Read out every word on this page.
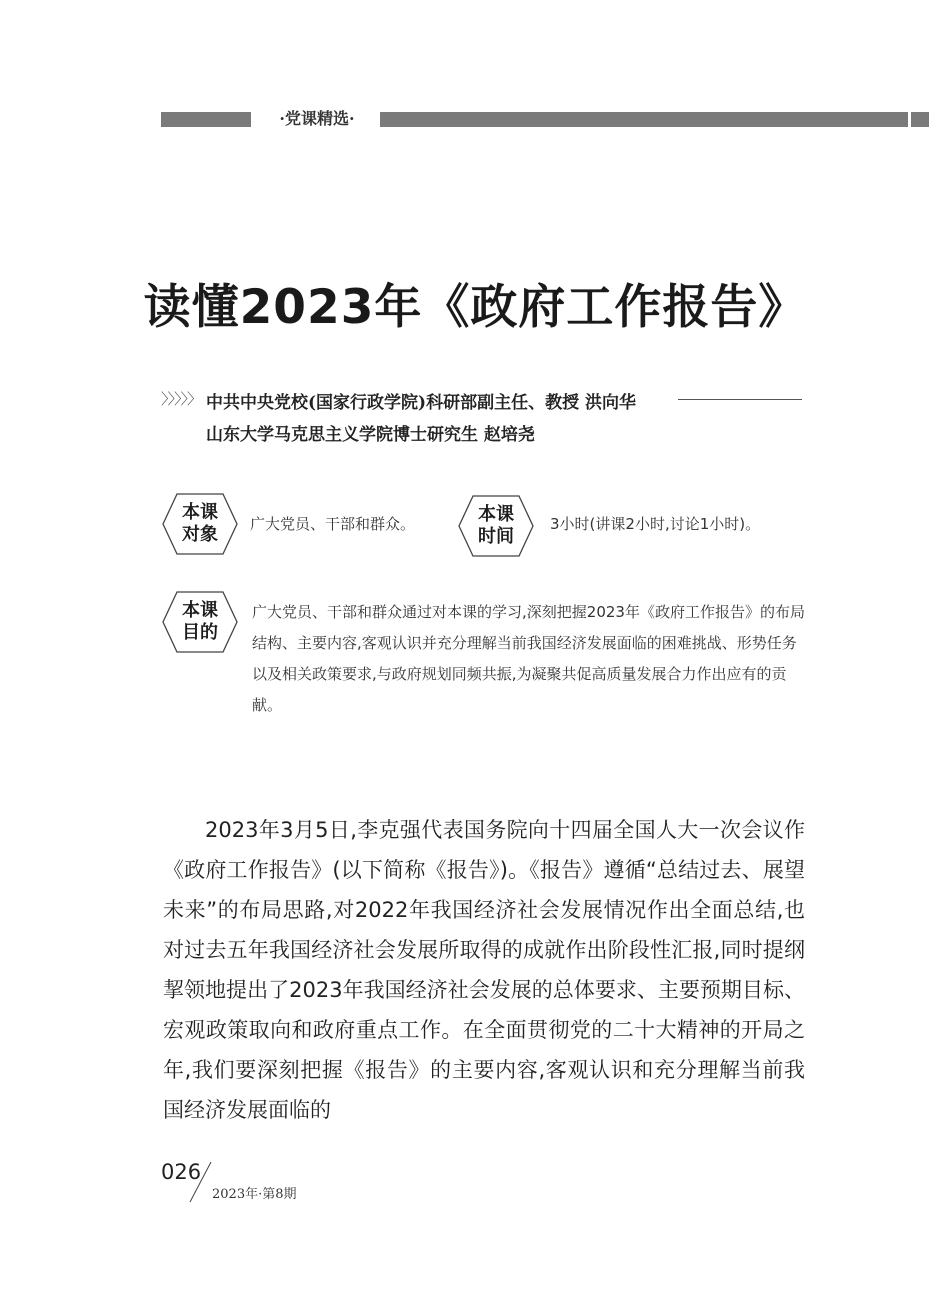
·党课精选·
读懂2023年《政府工作报告》
〉〉〉〉〉 中共中央党校(国家行政学院)科研部副主任、教授 洪向华
山东大学马克思主义学院博士研究生 赵培尧
本课
对象	广大党员、干部和群众。	本课
时间
3小时(讲课2小时,讨论1小时)。
本课
目的
广大党员、干部和群众通过对本课的学习,深刻把握2023年《政府工作报告》的布局结构、主要内容,客观认识并充分理解当前我国经济发展面临的困难挑战、形势任务以及相关政策要求,与政府规划同频共振,为凝聚共促高质量发展合力作出应有的贡献。
2023年3月5日,李克强代表国务院向十四届全国人大一次会议作《政府工作报告》(以下简称《报告》)。《报告》遵循“总结过去、展望未来”的布局思路,对2022年我国经济社会发展情况作出全面总结,也对过去五年我国经济社会发展所取得的成就作出阶段性汇报,同时提纲挈领地提出了2023年我国经济社会发展的总体要求、主要预期目标、宏观政策取向和政府重点工作。在全面贯彻党的二十大精神的开局之年,我们要深刻把握《报告》的主要内容,客观认识和充分理解当前我国经济发展面临的
026
2023年·第8期
